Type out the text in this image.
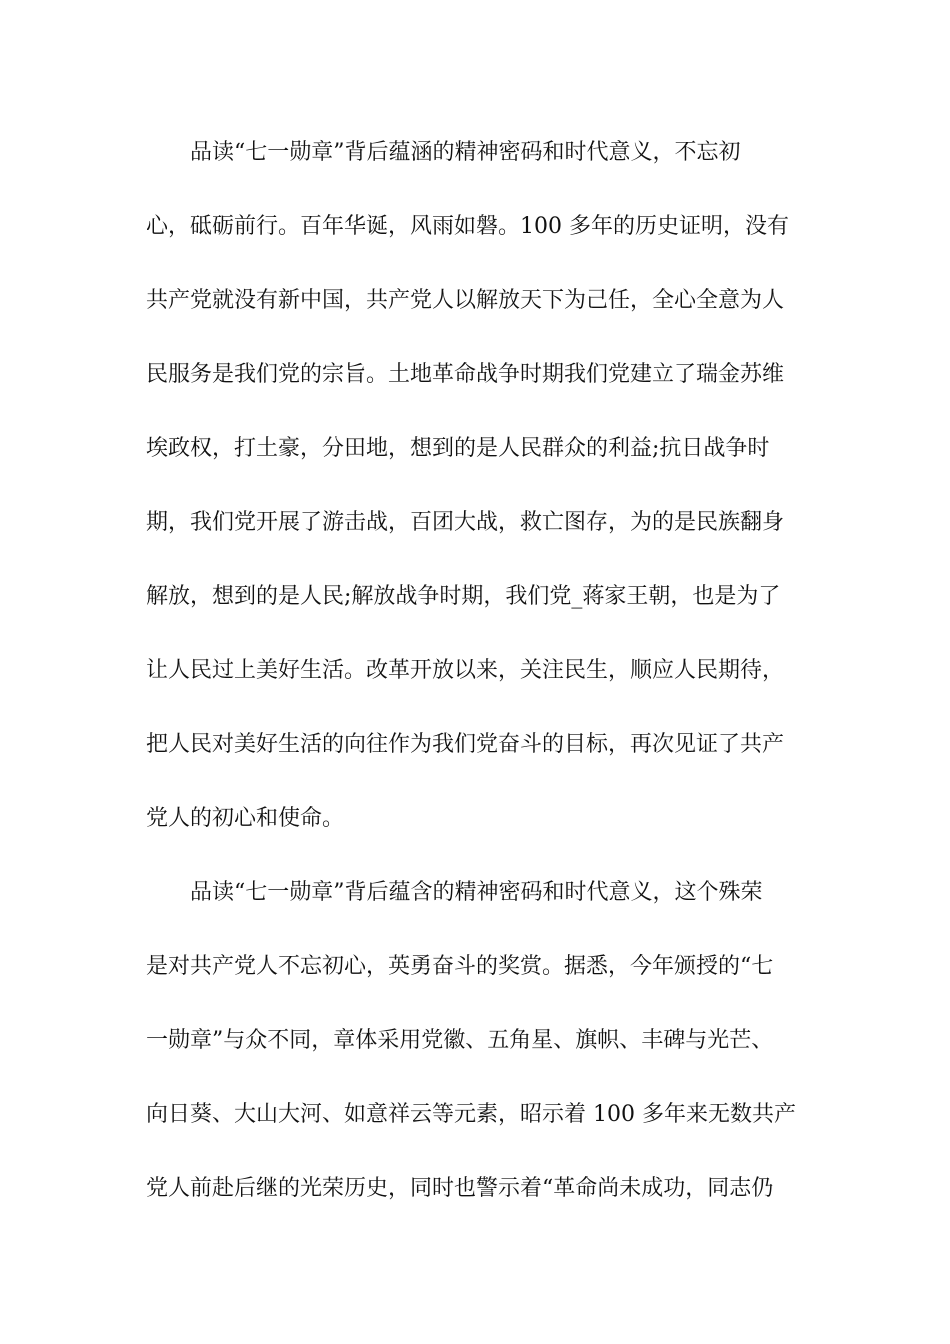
品读“七一勋章”背后蕴涵的精神密码和时代意义，不忘初
心，砥砺前行。百年华诞，风雨如磐。100 多年的历史证明，没有
共产党就没有新中国，共产党人以解放天下为己任，全心全意为人
民服务是我们党的宗旨。土地革命战争时期我们党建立了瑞金苏维
埃政权，打土豪，分田地，想到的是人民群众的利益;抗日战争时
期，我们党开展了游击战，百团大战，救亡图存，为的是民族翻身
解放，想到的是人民;解放战争时期，我们党_蒋家王朝，也是为了
让人民过上美好生活。改革开放以来，关注民生，顺应人民期待，
把人民对美好生活的向往作为我们党奋斗的目标，再次见证了共产
党人的初心和使命。
品读“七一勋章”背后蕴含的精神密码和时代意义，这个殊荣
是对共产党人不忘初心，英勇奋斗的奖赏。据悉，今年颁授的“七
一勋章”与众不同，章体采用党徽、五角星、旗帜、丰碑与光芒、
向日葵、大山大河、如意祥云等元素，昭示着 100 多年来无数共产
党人前赴后继的光荣历史，同时也警示着“革命尚未成功，同志仍
